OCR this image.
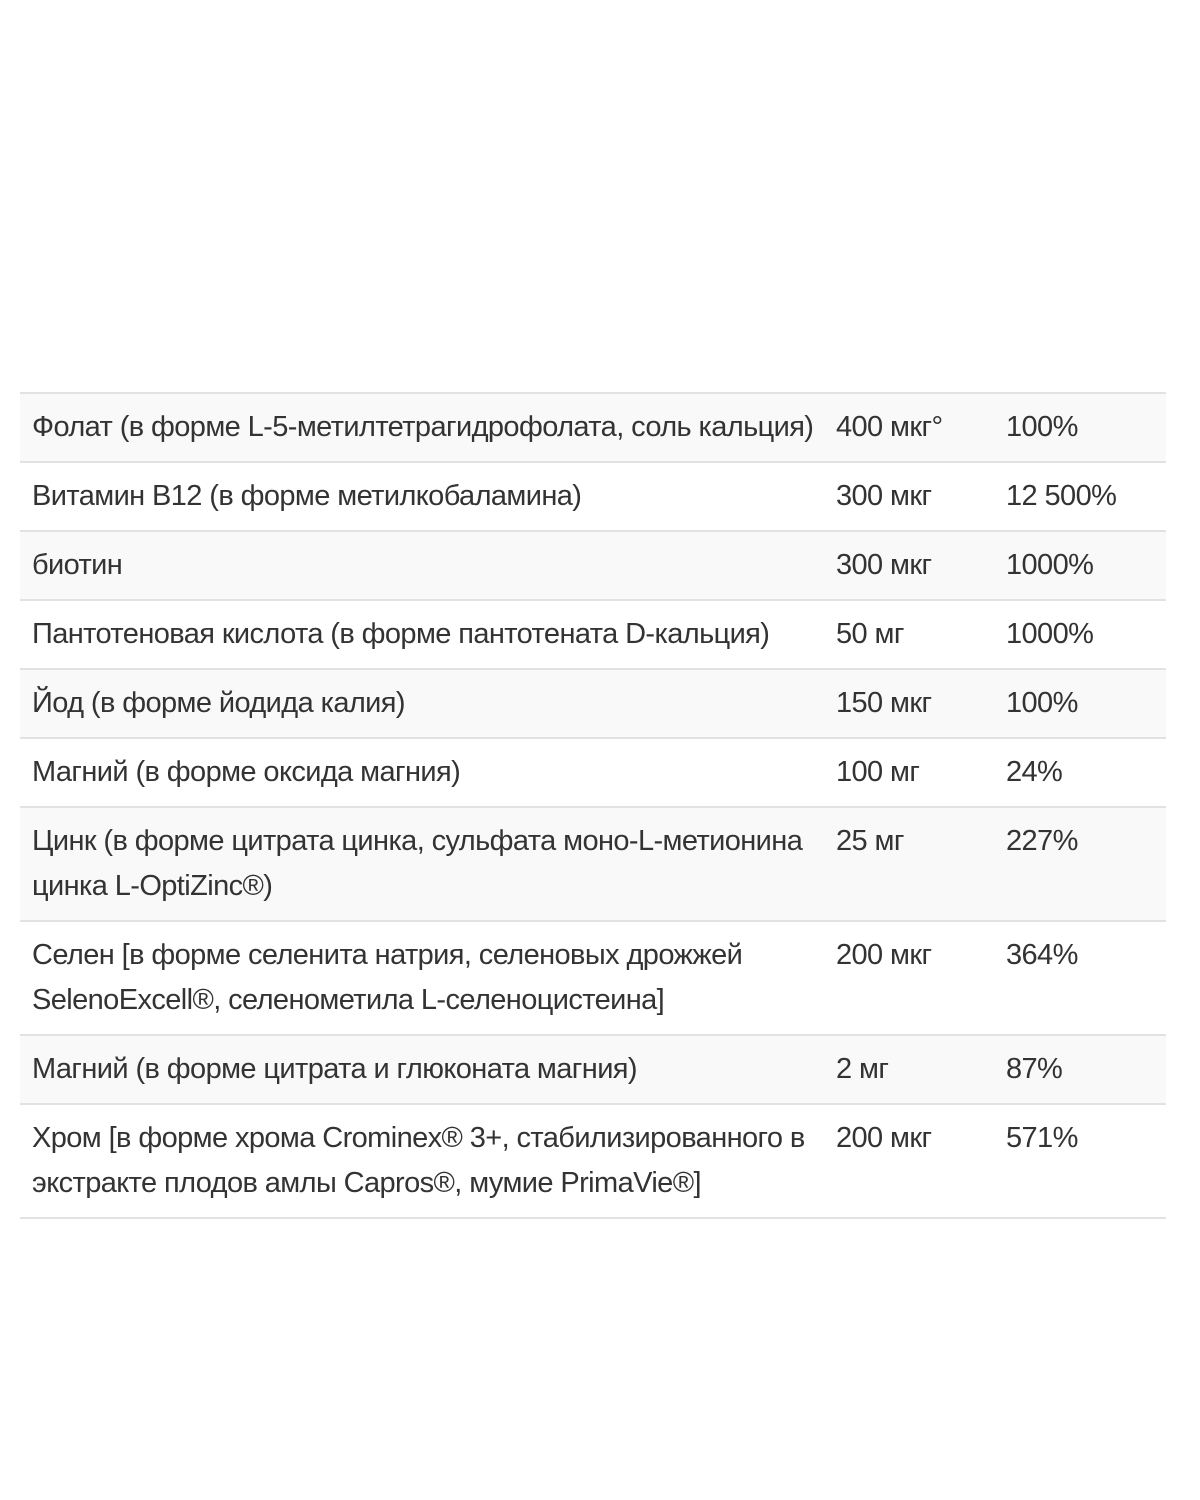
Фолат (в форме L-5-метилтетрагидрофолата, соль кальция)	400 мкг°	100%
Витамин B12 (в форме метилкобаламина)	300 мкг	12 500%
биотин	300 мкг	1000%
Пантотеновая кислота (в форме пантотената D-кальция)	50 мг	1000%
Йод (в форме йодида калия)	150 мкг	100%
Магний (в форме оксида магния)	100 мг	24%
Цинк (в форме цитрата цинка, сульфата моно-L-метионина цинка L-OptiZinc®)	25 мг	227%
Селен [в форме селенита натрия, селеновых дрожжей SelenoExcell®, селенометила L-селеноцистеина]	200 мкг	364%
Магний (в форме цитрата и глюконата магния)	2 мг	87%
Хром [в форме хрома Crominex® 3+, стабилизированного в экстракте плодов амлы Capros®, мумие PrimaVie®]	200 мкг	571%
